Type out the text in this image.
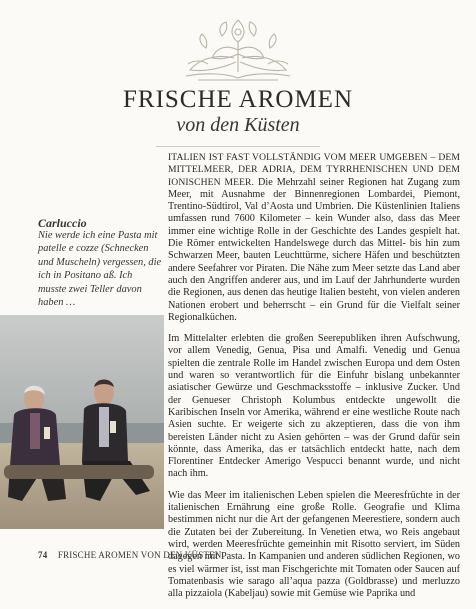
FRISCHE AROMEN
von den Küsten
Carluccio
Nie werde ich eine Pasta mit patelle e cozze (Schnecken und Muscheln) vergessen, die ich in Positano aß. Ich musste zwei Teller davon haben …

ITALIEN IST FAST VOLLSTÄNDIG VOM MEER UMGEBEN – DEM MITTELMEER, DER ADRIA, DEM TYRRHENISCHEN UND DEM IONISCHEN MEER. Die Mehrzahl seiner Regionen hat Zugang zum Meer, mit Ausnahme der Binnenregionen Lombardei, Piemont, Trentino-Südtirol, Val d’Aosta und Umbrien. Die Küstenlinien Italiens umfassen rund 7600 Kilometer – kein Wunder also, dass das Meer immer eine wichtige Rolle in der Geschichte des Landes gespielt hat. Die Römer entwickelten Handelswege durch das Mittel- bis hin zum Schwarzen Meer, bauten Leuchttürme, sichere Häfen und beschützten andere Seefahrer vor Piraten. Die Nähe zum Meer setzte das Land aber auch den Angriffen anderer aus, und im Lauf der Jahrhunderte wurden die Regionen, aus denen das heutige Italien besteht, von vielen anderen Nationen erobert und beherrscht – ein Grund für die Vielfalt seiner Regionalküchen.

Im Mittelalter erlebten die großen Seerepubliken ihren Aufschwung, vor allem Venedig, Genua, Pisa und Amalfi. Venedig und Genua spielten die zentrale Rolle im Handel zwischen Europa und dem Osten und waren so verantwortlich für die Einfuhr bislang unbekannter asiatischer Gewürze und Geschmacksstoffe – inklusive Zucker. Und der Genueser Christoph Kolumbus entdeckte ungewollt die Karibischen Inseln vor Amerika, während er eine westliche Route nach Asien suchte. Er weigerte sich zu akzeptieren, dass die von ihm bereisten Länder nicht zu Asien gehörten – was der Grund dafür sein könnte, dass Amerika, das er tatsächlich entdeckt hatte, nach dem Florentiner Entdecker Amerigo Vespucci benannt wurde, und nicht nach ihm.

Wie das Meer im italienischen Leben spielen die Meeresfrüchte in der italienischen Ernährung eine große Rolle. Geografie und Klima bestimmen nicht nur die Art der gefangenen Meerestiere, sondern auch die Zutaten bei der Zubereitung. In Venetien etwa, wo Reis angebaut wird, werden Meeresfrüchte gemeinhin mit Risotto serviert, im Süden dagegen mit Pasta. In Kampanien und anderen südlichen Regionen, wo es viel wärmer ist, isst man Fischgerichte mit Tomaten oder Saucen auf Tomatenbasis wie sarago all’aqua pazza (Goldbrasse) und merluzzo alla pizzaiola (Kabeljau) sowie mit Gemüse wie Paprika und

74 FRISCHE AROMEN VON DEN KÜSTEN
